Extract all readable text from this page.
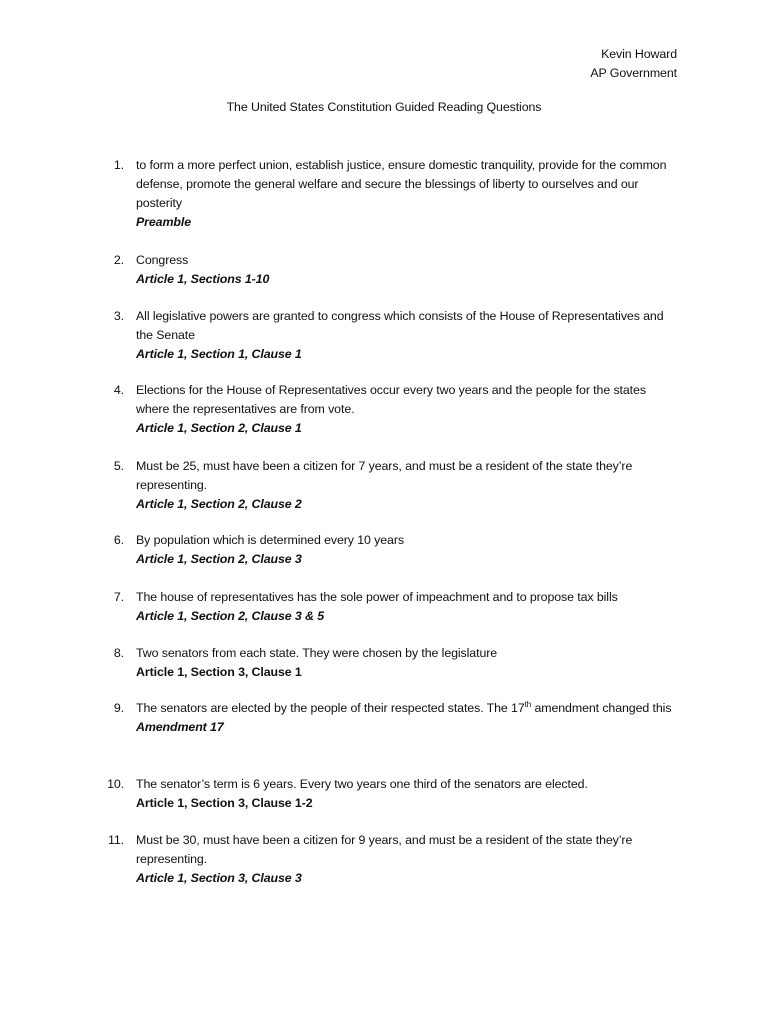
Kevin Howard
AP Government
The United States Constitution Guided Reading Questions
1. to form a more perfect union, establish justice, ensure domestic tranquility, provide for the common defense, promote the general welfare and secure the blessings of liberty to ourselves and our posterity
Preamble
2. Congress
Article 1, Sections 1-10
3. All legislative powers are granted to congress which consists of the House of Representatives and the Senate
Article 1, Section 1, Clause 1
4. Elections for the House of Representatives occur every two years and the people for the states where the representatives are from vote.
Article 1, Section 2, Clause 1
5. Must be 25, must have been a citizen for 7 years, and must be a resident of the state they’re representing.
Article 1, Section 2, Clause 2
6. By population which is determined every 10 years
Article 1, Section 2, Clause 3
7. The house of representatives has the sole power of impeachment and to propose tax bills
Article 1, Section 2, Clause 3 & 5
8. Two senators from each state. They were chosen by the legislature
Article 1, Section 3, Clause 1
9. The senators are elected by the people of their respected states. The 17th amendment changed this
Amendment 17
10. The senator’s term is 6 years. Every two years one third of the senators are elected.
Article 1, Section 3, Clause 1-2
11. Must be 30, must have been a citizen for 9 years, and must be a resident of the state they’re representing.
Article 1, Section 3, Clause 3
